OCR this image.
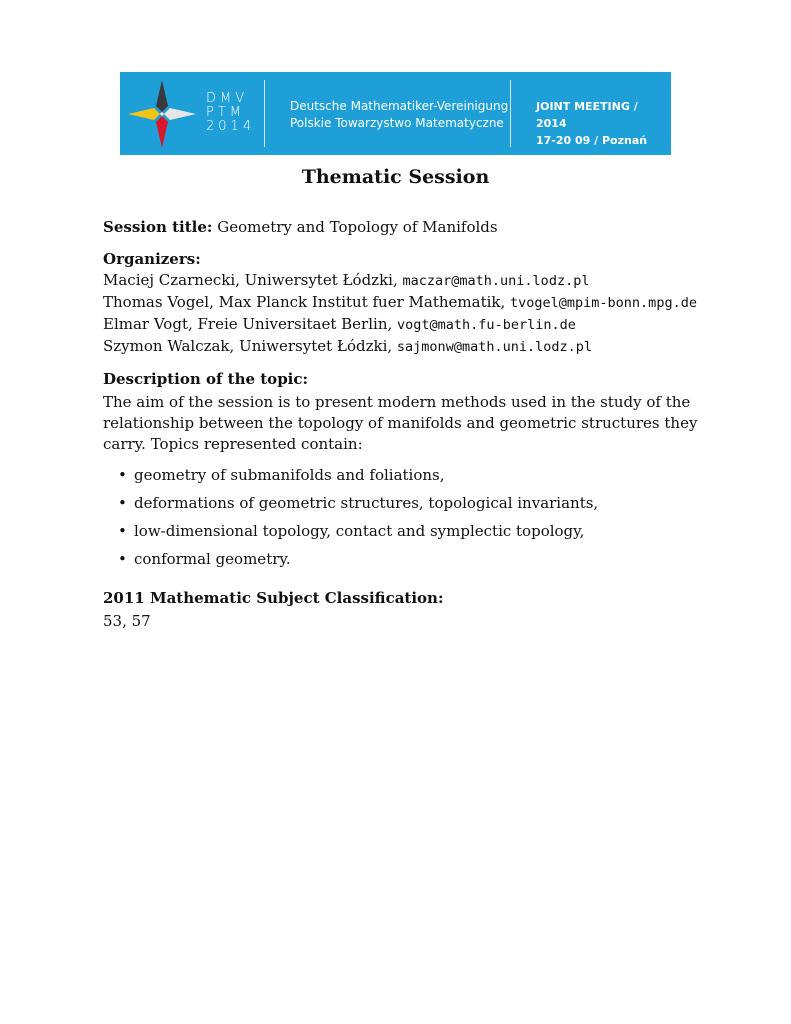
DMV
PTM
2014
Deutsche Mathematiker-Vereinigung
Polskie Towarzystwo Matematyczne
JOINT MEETING / 2014
17-20 09 / Poznań
Thematic Session

Session title: Geometry and Topology of Manifolds

Organizers:

Maciej Czarnecki, Uniwersytet Łódzki, maczar@math.uni.lodz.pl
Thomas Vogel, Max Planck Institut fuer Mathematik, tvogel@mpim-bonn.mpg.de
Elmar Vogt, Freie Universitaet Berlin, vogt@math.fu-berlin.de
Szymon Walczak, Uniwersytet Łódzki, sajmonw@math.uni.lodz.pl

Description of the topic:

The aim of the session is to present modern methods used in the study of the relationship between the topology of manifolds and geometric structures they carry. Topics represented contain:

• geometry of submanifolds and foliations,
• deformations of geometric structures, topological invariants,
• low-dimensional topology, contact and symplectic topology,
• conformal geometry.

2011 Mathematic Subject Classification:

53, 57
